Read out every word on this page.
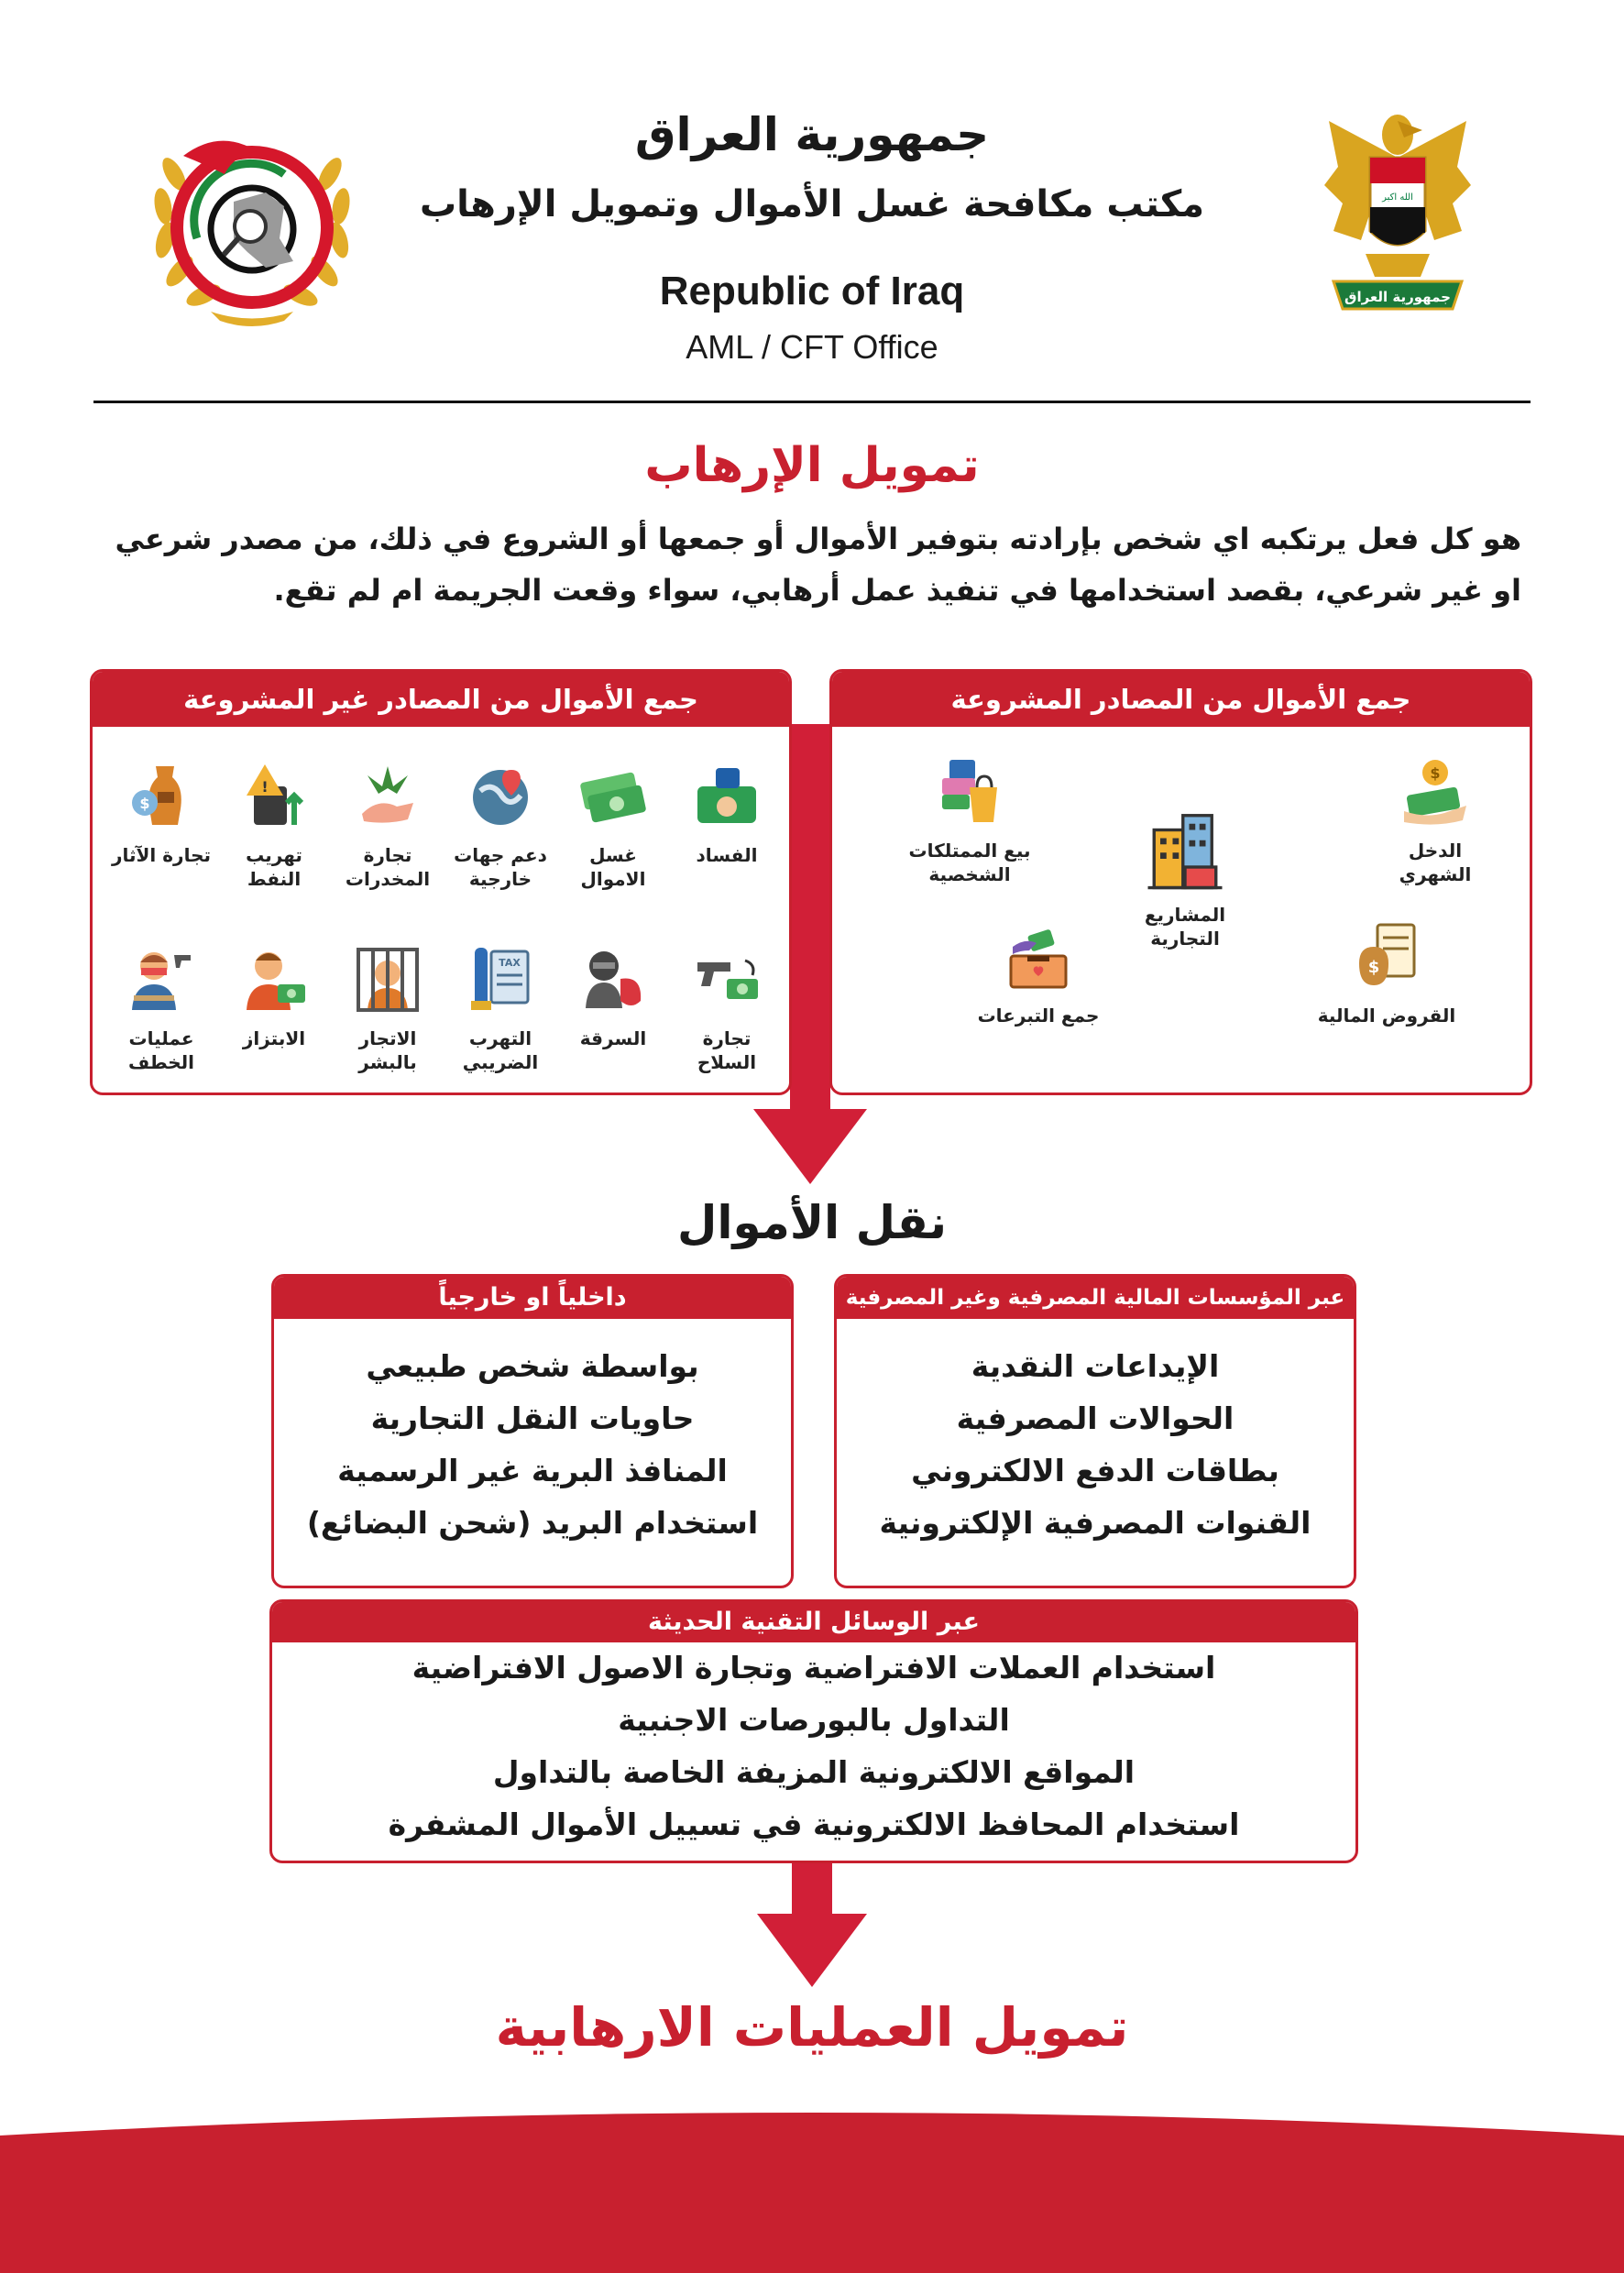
الله اكبر
جمهورية العراق
جمهورية العراق
مكتب مكافحة غسل الأموال وتمويل الإرهاب
Republic of Iraq
AML / CFT Office
تمويل الإرهاب
هو كل فعل يرتكبه اي شخص بإرادته بتوفير الأموال أو جمعها أو الشروع في ذلك، من مصدر شرعي او غير شرعي، بقصد استخدامها في تنفيذ عمل أرهابي، سواء وقعت الجريمة ام لم تقع.
جمع الأموال من المصادر غير المشروعة
الفساد
غسل الاموال
دعم جهات خارجية
تجارة المخدرات
!
تهريب النفط
$
تجارة الآثار
تجارة السلاح
السرقة
TAX
التهرب الضريبي
الاتجار بالبشر
الابتزاز
عمليات الخطف
جمع الأموال من المصادر المشروعة
$
الدخل الشهري
المشاريع التجارية
بيع الممتلكات الشخصية
$
القروض المالية
جمع التبرعات
نقل الأموال
داخلياً او خارجياً
بواسطة شخص طبيعي
حاويات النقل التجارية
المنافذ البرية غير الرسمية
استخدام البريد (شحن البضائع)
عبر المؤسسات المالية المصرفية وغير المصرفية
الإيداعات النقدية
الحوالات المصرفية
بطاقات الدفع الالكتروني
القنوات المصرفية الإلكترونية
عبر الوسائل التقنية الحديثة
استخدام العملات الافتراضية وتجارة الاصول الافتراضية
التداول بالبورصات الاجنبية
المواقع الالكترونية المزيفة الخاصة بالتداول
استخدام المحافظ الالكترونية في تسييل الأموال المشفرة
تمويل العمليات الارهابية
